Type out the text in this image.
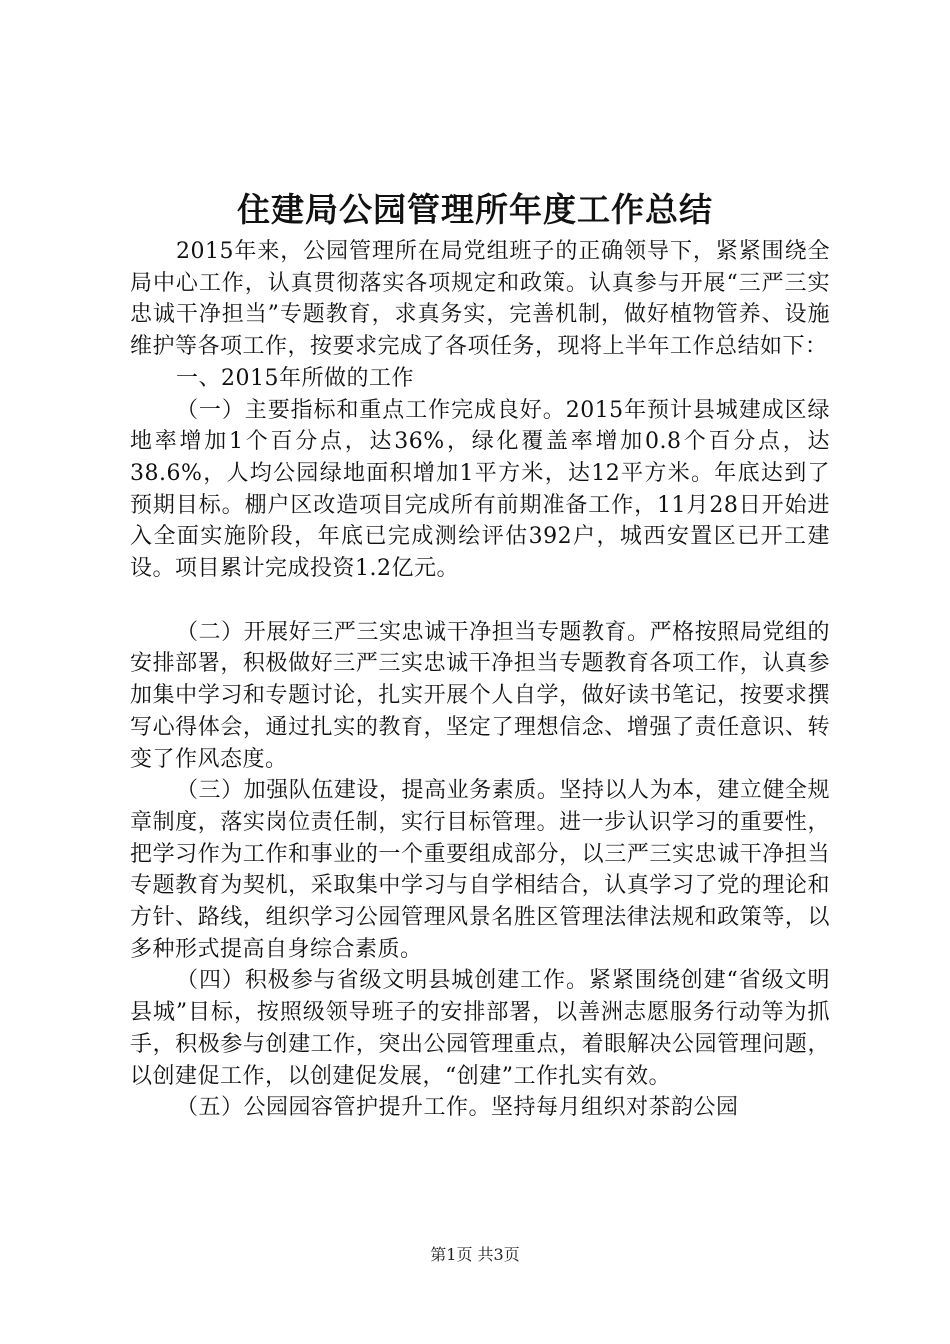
住建局公园管理所年度工作总结

2015年来，公园管理所在局党组班子的正确领导下，紧紧围绕全局中心工作，认真贯彻落实各项规定和政策。认真参与开展“三严三实忠诚干净担当”专题教育，求真务实，完善机制，做好植物管养、设施维护等各项工作，按要求完成了各项任务，现将上半年工作总结如下：

一、2015年所做的工作

（一）主要指标和重点工作完成良好。2015年预计县城建成区绿地率增加1个百分点，达36%，绿化覆盖率增加0.8个百分点，达38.6%，人均公园绿地面积增加1平方米，达12平方米。年底达到了预期目标。棚户区改造项目完成所有前期准备工作，11月28日开始进入全面实施阶段，年底已完成测绘评估392户，城西安置区已开工建设。项目累计完成投资1.2亿元。

（二）开展好三严三实忠诚干净担当专题教育。严格按照局党组的安排部署，积极做好三严三实忠诚干净担当专题教育各项工作，认真参加集中学习和专题讨论，扎实开展个人自学，做好读书笔记，按要求撰写心得体会，通过扎实的教育，坚定了理想信念、增强了责任意识、转变了作风态度。

（三）加强队伍建设，提高业务素质。坚持以人为本，建立健全规章制度，落实岗位责任制，实行目标管理。进一步认识学习的重要性，把学习作为工作和事业的一个重要组成部分，以三严三实忠诚干净担当专题教育为契机，采取集中学习与自学相结合，认真学习了党的理论和方针、路线，组织学习公园管理风景名胜区管理法律法规和政策等，以多种形式提高自身综合素质。

（四）积极参与省级文明县城创建工作。紧紧围绕创建“省级文明县城”目标，按照级领导班子的安排部署，以善洲志愿服务行动等为抓手，积极参与创建工作，突出公园管理重点，着眼解决公园管理问题，以创建促工作，以创建促发展，“创建”工作扎实有效。

（五）公园园容管护提升工作。坚持每月组织对茶韵公园

第1页 共3页
